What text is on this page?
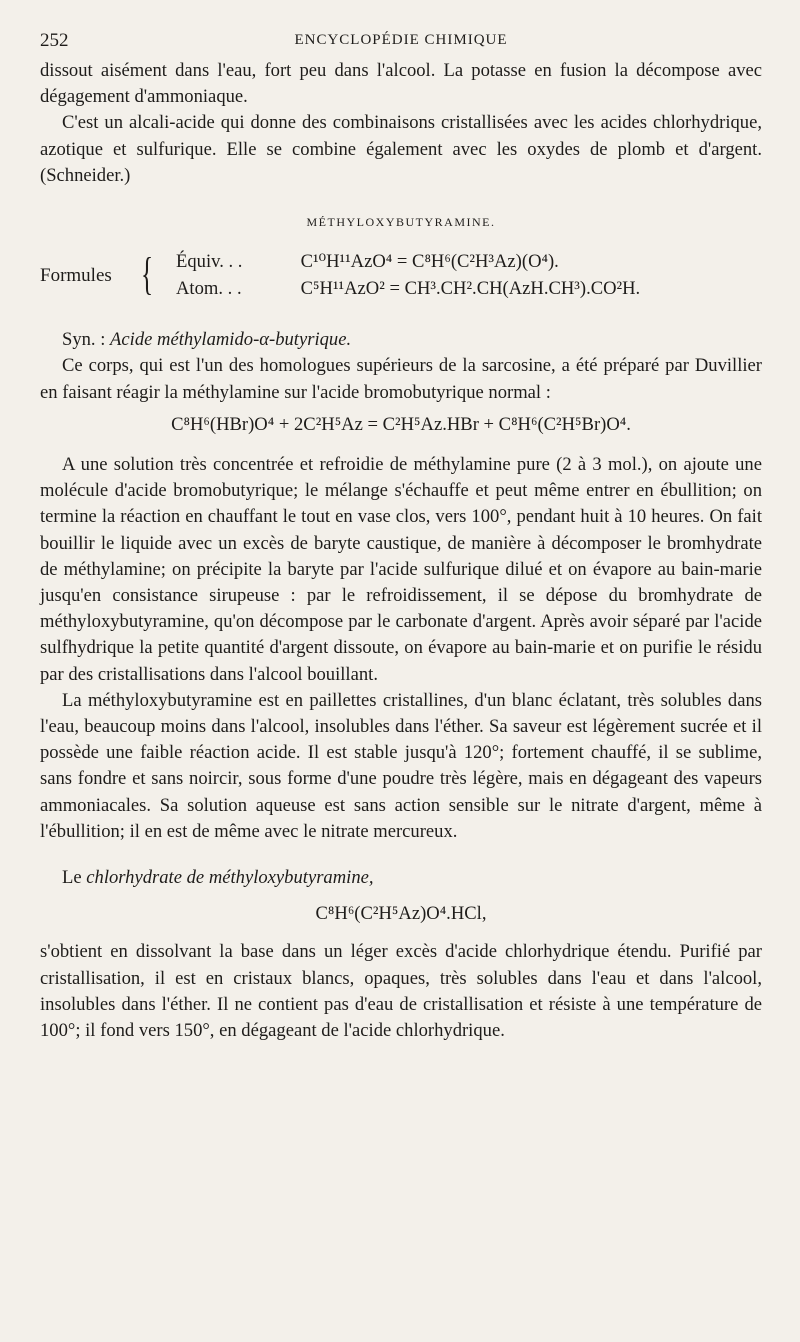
252	ENCYCLOPÉDIE CHIMIQUE

dissout aisément dans l'eau, fort peu dans l'alcool. La potasse en fusion la décompose avec dégagement d'ammoniaque.

C'est un alcali-acide qui donne des combinaisons cristallisées avec les acides chlorhydrique, azotique et sulfurique. Elle se combine également avec les oxydes de plomb et d'argent. (Schneider.)

MÉTHYLOXYBUTYRAMINE.
Formules { Équiv. . .	C¹⁰H¹¹AzO⁴ = C⁸H⁶(C²H³Az)(O⁴).
Atom. . .	C⁵H¹¹AzO² = CH³.CH².CH(AzH.CH³).CO²H.

Syn. : Acide méthylamido-α-butyrique.

Ce corps, qui est l'un des homologues supérieurs de la sarcosine, a été préparé par Duvillier en faisant réagir la méthylamine sur l'acide bromobutyrique normal :

C⁸H⁶(HBr)O⁴ + 2C²H⁵Az = C²H⁵Az.HBr + C⁸H⁶(C²H⁵Br)O⁴.

A une solution très concentrée et refroidie de méthylamine pure (2 à 3 mol.), on ajoute une molécule d'acide bromobutyrique; le mélange s'échauffe et peut même entrer en ébullition; on termine la réaction en chauffant le tout en vase clos, vers 100°, pendant huit à 10 heures. On fait bouillir le liquide avec un excès de baryte caustique, de manière à décomposer le bromhydrate de méthylamine; on précipite la baryte par l'acide sulfurique dilué et on évapore au bain-marie jusqu'en consistance sirupeuse : par le refroidissement, il se dépose du bromhydrate de méthyloxybutyramine, qu'on décompose par le carbonate d'argent. Après avoir séparé par l'acide sulfhydrique la petite quantité d'argent dissoute, on évapore au bain-marie et on purifie le résidu par des cristallisations dans l'alcool bouillant.

La méthyloxybutyramine est en paillettes cristallines, d'un blanc éclatant, très solubles dans l'eau, beaucoup moins dans l'alcool, insolubles dans l'éther. Sa saveur est légèrement sucrée et il possède une faible réaction acide. Il est stable jusqu'à 120°; fortement chauffé, il se sublime, sans fondre et sans noircir, sous forme d'une poudre très légère, mais en dégageant des vapeurs ammoniacales. Sa solution aqueuse est sans action sensible sur le nitrate d'argent, même à l'ébullition; il en est de même avec le nitrate mercureux.

Le chlorhydrate de méthyloxybutyramine,

C⁸H⁶(C²H⁵Az)O⁴.HCl,

s'obtient en dissolvant la base dans un léger excès d'acide chlorhydrique étendu. Purifié par cristallisation, il est en cristaux blancs, opaques, très solubles dans l'eau et dans l'alcool, insolubles dans l'éther. Il ne contient pas d'eau de cristallisation et résiste à une température de 100°; il fond vers 150°, en dégageant de l'acide chlorhydrique.
